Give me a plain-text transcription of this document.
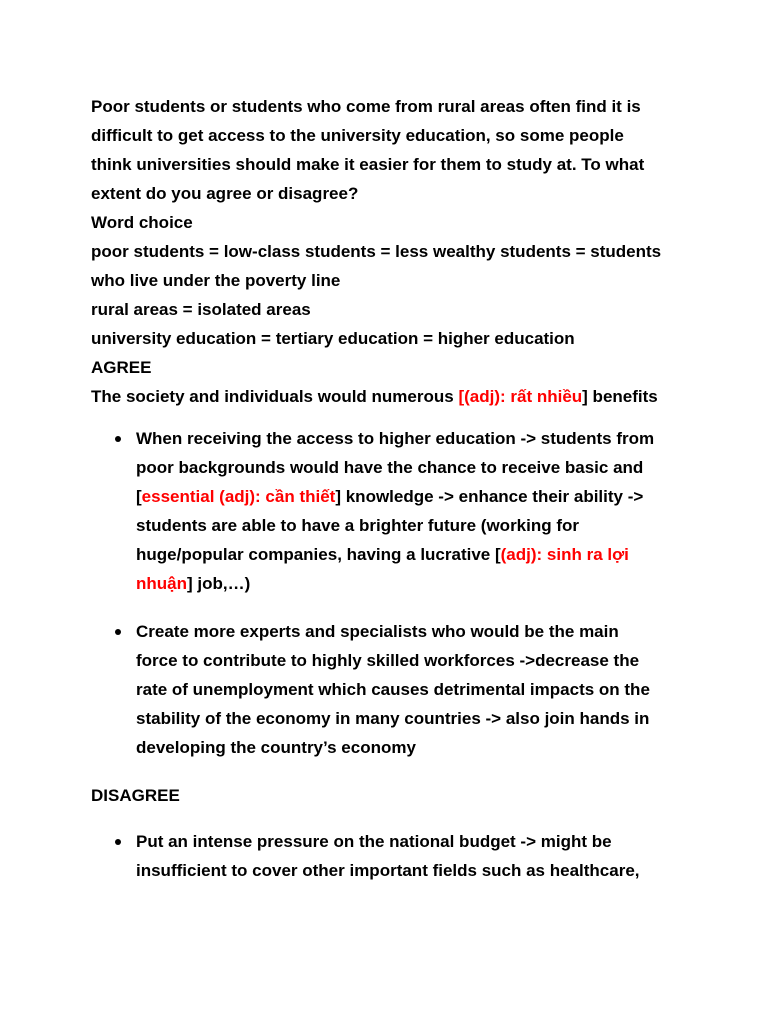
Poor students or students who come from rural areas often find it is
difficult to get access to the university education, so some people
think universities should make it easier for them to study at. To what
extent do you agree or disagree?
Word choice
poor students = low-class students = less wealthy students = students
who live under the poverty line
rural areas = isolated areas
university education = tertiary education = higher education
AGREE
The society and individuals would numerous [(adj): rất nhiều] benefits
When receiving the access to higher education -> students from
poor backgrounds would have the chance to receive basic and
[essential (adj): cần thiết] knowledge -> enhance their ability ->
students are able to have a brighter future (working for
huge/popular companies, having a lucrative [(adj): sinh ra lợi
nhuận] job,…)
Create more experts and specialists who would be the main
force to contribute to highly skilled workforces ->decrease the
rate of unemployment which causes detrimental impacts on the
stability of the economy in many countries -> also join hands in
developing the country’s economy
DISAGREE
Put an intense pressure on the national budget -> might be
insufficient to cover other important fields such as healthcare,
